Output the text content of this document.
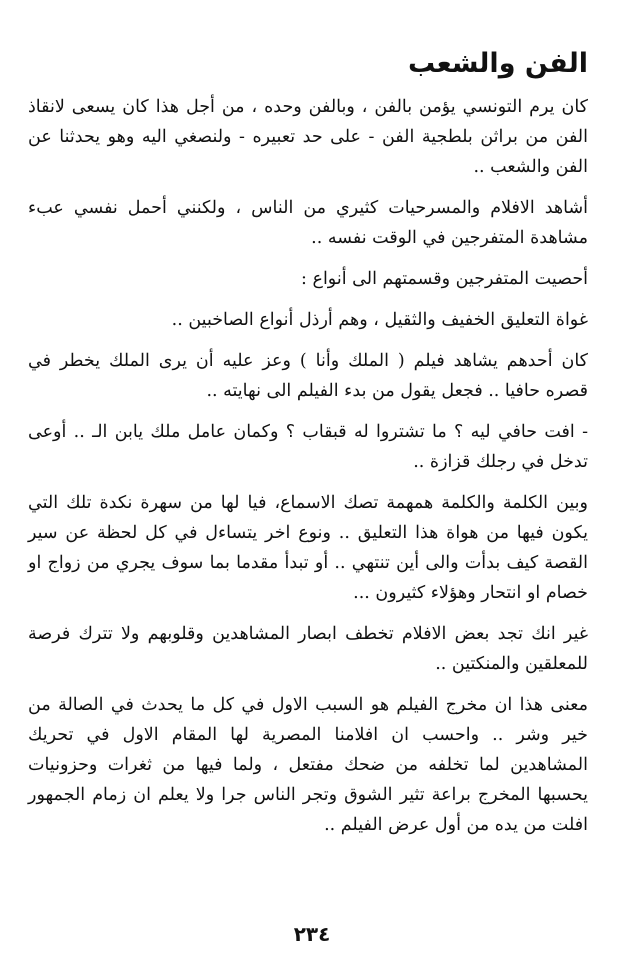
الفن والشعب

كان يرم التونسي يؤمن بالفن ، وبالفن وحده ، من أجل هذا كان يسعى لانقاذ الفن من براثن بلطجية الفن - على حد تعبيره - ولنصغي اليه وهو يحدثنا عن الفن والشعب ..

أشاهد الافلام والمسرحيات كثيري من الناس ، ولكنني أحمل نفسي عبء مشاهدة المتفرجين في الوقت نفسه ..

أحصيت المتفرجين وقسمتهم الى أنواع :

غواة التعليق الخفيف والثقيل ، وهم أرذل أنواع الصاخبين ..

كان أحدهم يشاهد فيلم ( الملك وأنا ) وعز عليه أن يرى الملك يخطر في قصره حافيا .. فجعل يقول من بدء الفيلم الى نهايته ..

- افت حافي ليه ؟ ما تشتروا له قبقاب ؟ وكمان عامل ملك يابن الـ .. أوعى تدخل في رجلك قزازة ..

وبين الكلمة والكلمة همهمة تصك الاسماع، فيا لها من سهرة نكدة تلك التي يكون فيها من هواة هذا التعليق .. ونوع اخر يتساءل في كل لحظة عن سير القصة كيف بدأت والى أين تنتهي .. أو تبدأ مقدما بما سوف يجري من زواج او خصام او انتحار وهؤلاء كثيرون ...

غير انك تجد بعض الافلام تخطف ابصار المشاهدين وقلوبهم ولا تترك فرصة للمعلقين والمنكتين ..

معنى هذا ان مخرج الفيلم هو السبب الاول في كل ما يحدث في الصالة من خير وشر .. واحسب ان افلامنا المصرية لها المقام الاول في تحريك المشاهدين لما تخلفه من ضحك مفتعل ، ولما فيها من ثغرات وحزونيات يحسبها المخرج براعة تثير الشوق وتجر الناس جرا ولا يعلم ان زمام الجمهور افلت من يده من أول عرض الفيلم ..

٢٣٤
